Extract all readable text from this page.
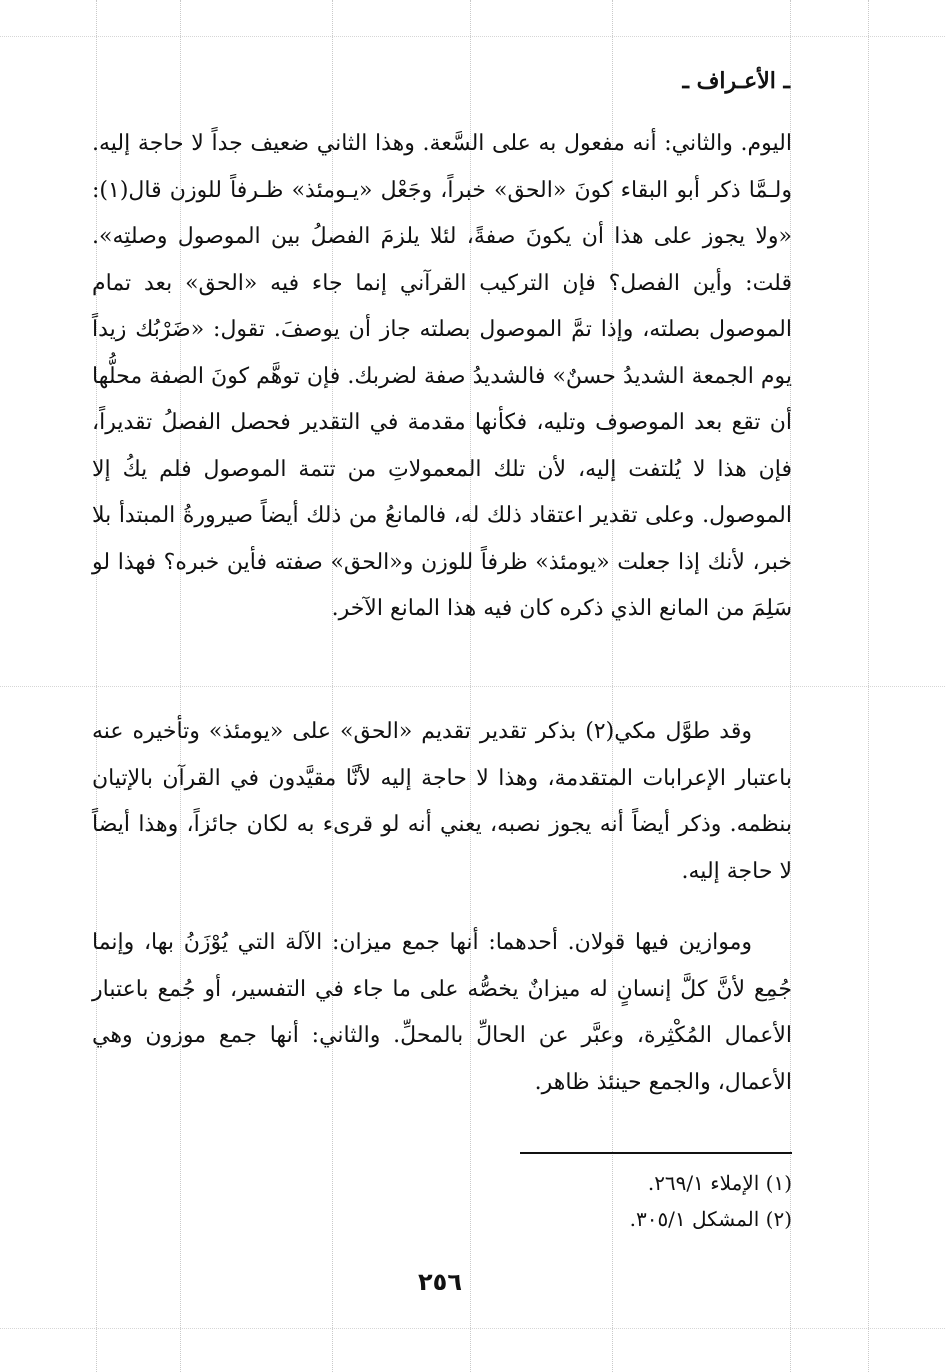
ـ الأعـراف ـ

اليوم. والثاني: أنه مفعول به على السَّعة. وهذا الثاني ضعيف جداً لا حاجة إليه. ولـمَّا ذكر أبو البقاء كونَ «الحق» خبراً، وجَعْل «يـومئذ» ظـرفاً للوزن قال(١): «ولا يجوز على هذا أن يكونَ صفةً، لئلا يلزمَ الفصلُ بين الموصول وصلتِه». قلت: وأين الفصل؟ فإن التركيب القرآني إنما جاء فيه «الحق» بعد تمام الموصول بصلته، وإذا تمَّ الموصول بصلته جاز أن يوصفَ. تقول: «ضَرْبُك زيداً يوم الجمعة الشديدُ حسنٌ» فالشديدُ صفة لضربك. فإن توهَّم كونَ الصفة محلُّها أن تقع بعد الموصوف وتليه، فكأنها مقدمة في التقدير فحصل الفصلُ تقديراً، فإن هذا لا يُلتفت إليه، لأن تلك المعمولاتِ من تتمة الموصول فلم يكُ إلا الموصول. وعلى تقدير اعتقاد ذلك له، فالمانعُ من ذلك أيضاً صيرورةُ المبتدأ بلا خبر، لأنك إذا جعلت «يومئذ» ظرفاً للوزن و«الحق» صفته فأين خبره؟ فهذا لو سَلِمَ من المانع الذي ذكره كان فيه هذا المانع الآخر.

وقد طوَّل مكي(٢) بذكر تقدير تقديم «الحق» على «يومئذ» وتأخيره عنه باعتبار الإعرابات المتقدمة، وهذا لا حاجة إليه لأنَّا مقيَّدون في القرآن بالإتيان بنظمه. وذكر أيضاً أنه يجوز نصبه، يعني أنه لو قرىء به لكان جائزاً، وهذا أيضاً لا حاجة إليه.

وموازين فيها قولان. أحدهما: أنها جمع ميزان: الآلة التي يُوْزَنُ بها، وإنما جُمِع لأنَّ كلَّ إنسانٍ له ميزانٌ يخصُّه على ما جاء في التفسير، أو جُمع باعتبار الأعمال المُكْثِرة، وعبَّر عن الحالِّ بالمحلِّ. والثاني: أنها جمع موزون وهي الأعمال، والجمع حينئذ ظاهر.

(١) الإملاء ٢٦٩/١.

(٢) المشكل ٣٠٥/١.

٢٥٦
